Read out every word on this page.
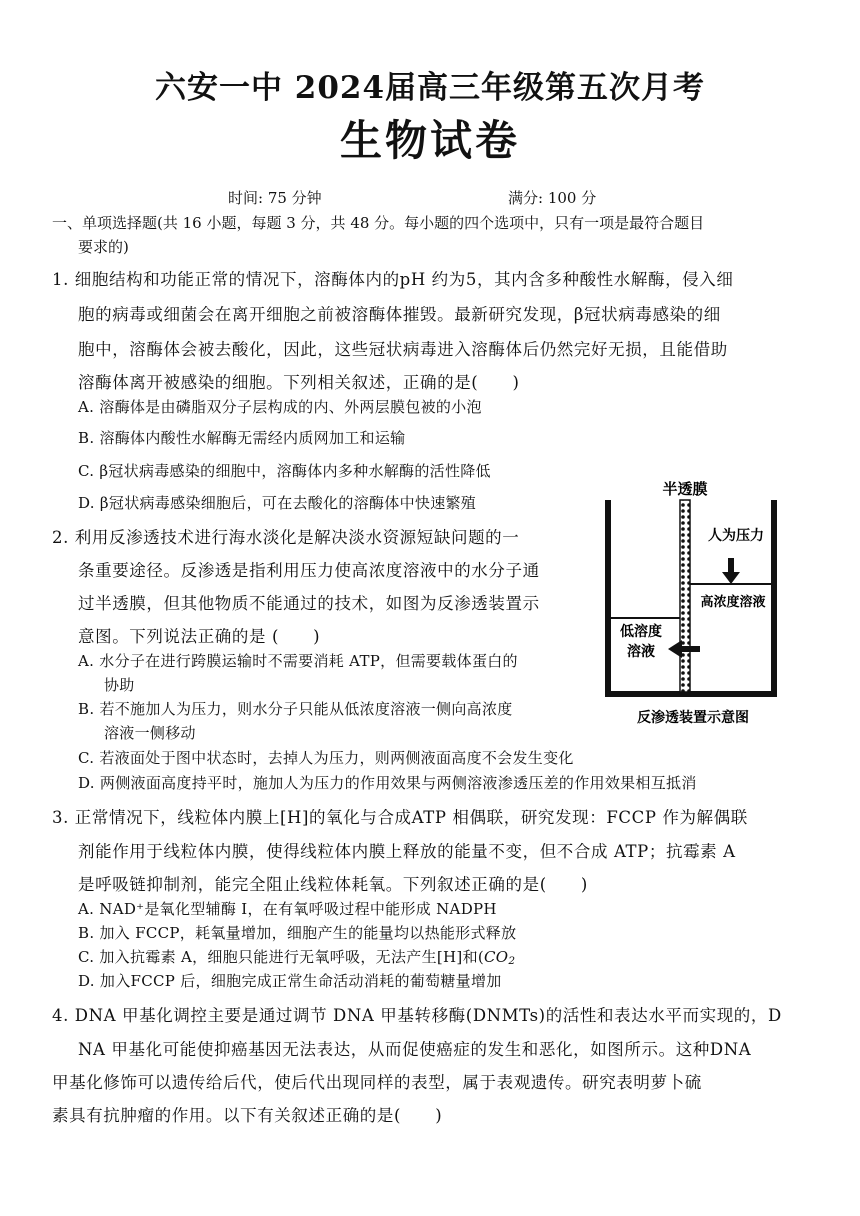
六安一中 2024届高三年级第五次月考
生物试卷
时间: 75 分钟	满分: 100 分
一、单项选择题(共 16 小题，每题 3 分，共 48 分。每小题的四个选项中，只有一项是最符合题目
要求的)
1. 细胞结构和功能正常的情况下，溶酶体内的pH 约为5，其内含多种酸性水解酶，侵入细
胞的病毒或细菌会在离开细胞之前被溶酶体摧毁。最新研究发现，β冠状病毒感染的细
胞中，溶酶体会被去酸化，因此，这些冠状病毒进入溶酶体后仍然完好无损，且能借助
溶酶体离开被感染的细胞。下列相关叙述，正确的是(　　)
A. 溶酶体是由磷脂双分子层构成的内、外两层膜包被的小泡
B. 溶酶体内酸性水解酶无需经内质网加工和运输
C. β冠状病毒感染的细胞中，溶酶体内多种水解酶的活性降低
D. β冠状病毒感染细胞后，可在去酸化的溶酶体中快速繁殖
2. 利用反渗透技术进行海水淡化是解决淡水资源短缺问题的一
条重要途径。反渗透是指利用压力使高浓度溶液中的水分子通
过半透膜，但其他物质不能通过的技术，如图为反渗透装置示
意图。下列说法正确的是 (　　)
A. 水分子在进行跨膜运输时不需要消耗 ATP，但需要载体蛋白的
协助
B. 若不施加人为压力，则水分子只能从低浓度溶液一侧向高浓度
溶液一侧移动
C. 若液面处于图中状态时，去掉人为压力，则两侧液面高度不会发生变化
D. 两侧液面高度持平时，施加人为压力的作用效果与两侧溶液渗透压差的作用效果相互抵消
半透膜
人为压力
高浓度溶液
低溶度
溶液
反渗透装置示意图
3. 正常情况下，线粒体内膜上[H]的氧化与合成ATP 相偶联，研究发现：FCCP 作为解偶联
剂能作用于线粒体内膜，使得线粒体内膜上释放的能量不变，但不合成 ATP；抗霉素 A
是呼吸链抑制剂，能完全阻止线粒体耗氧。下列叙述正确的是(　　)
A. NAD⁺是氧化型辅酶 I，在有氧呼吸过程中能形成 NADPH
B. 加入 FCCP，耗氧量增加，细胞产生的能量均以热能形式释放
C. 加入抗霉素 A，细胞只能进行无氧呼吸，无法产生[H]和(CO2
D. 加入FCCP 后，细胞完成正常生命活动消耗的葡萄糖量增加
4. DNA 甲基化调控主要是通过调节 DNA 甲基转移酶(DNMTs)的活性和表达水平而实现的，D
NA 甲基化可能使抑癌基因无法表达，从而促使癌症的发生和恶化，如图所示。这种DNA
甲基化修饰可以遗传给后代，使后代出现同样的表型，属于表观遗传。研究表明萝卜硫
素具有抗肿瘤的作用。以下有关叙述正确的是(　　)
